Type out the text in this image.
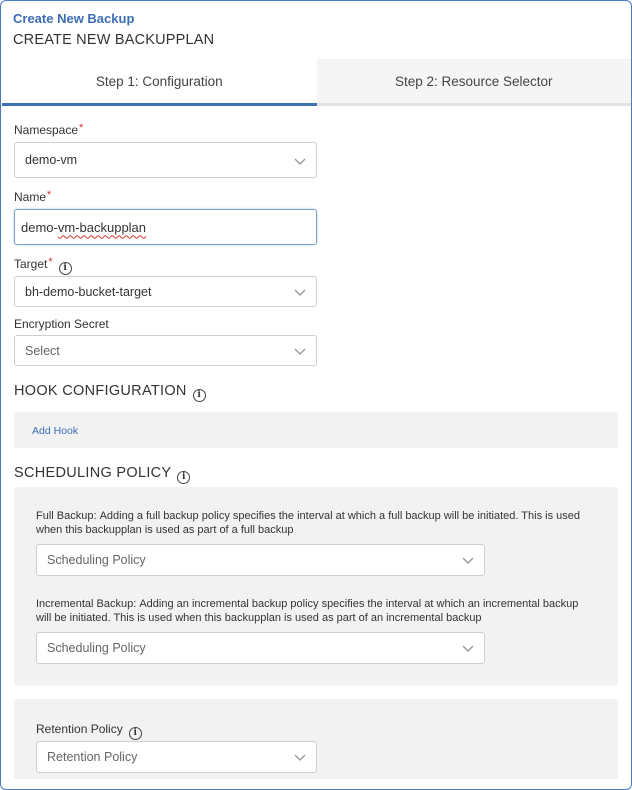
Create New Backup
CREATE NEW BACKUPPLAN
Step 1: Configuration	Step 2: Resource Selector
Namespace*
demo-vm
Name*
demo- vm-backupplan
Target* i
bh-demo-bucket-target
Encryption Secret
Select
HOOK CONFIGURATION i
Add Hook
SCHEDULING POLICY i
Full Backup: Adding a full backup policy specifies the interval at which a full backup will be initiated. This is used
when this backupplan is used as part of a full backup
Scheduling Policy
Incremental Backup: Adding an incremental backup policy specifies the interval at which an incremental backup
will be initiated. This is used when this backupplan is used as part of an incremental backup
Scheduling Policy
Retention Policy i
Retention Policy
